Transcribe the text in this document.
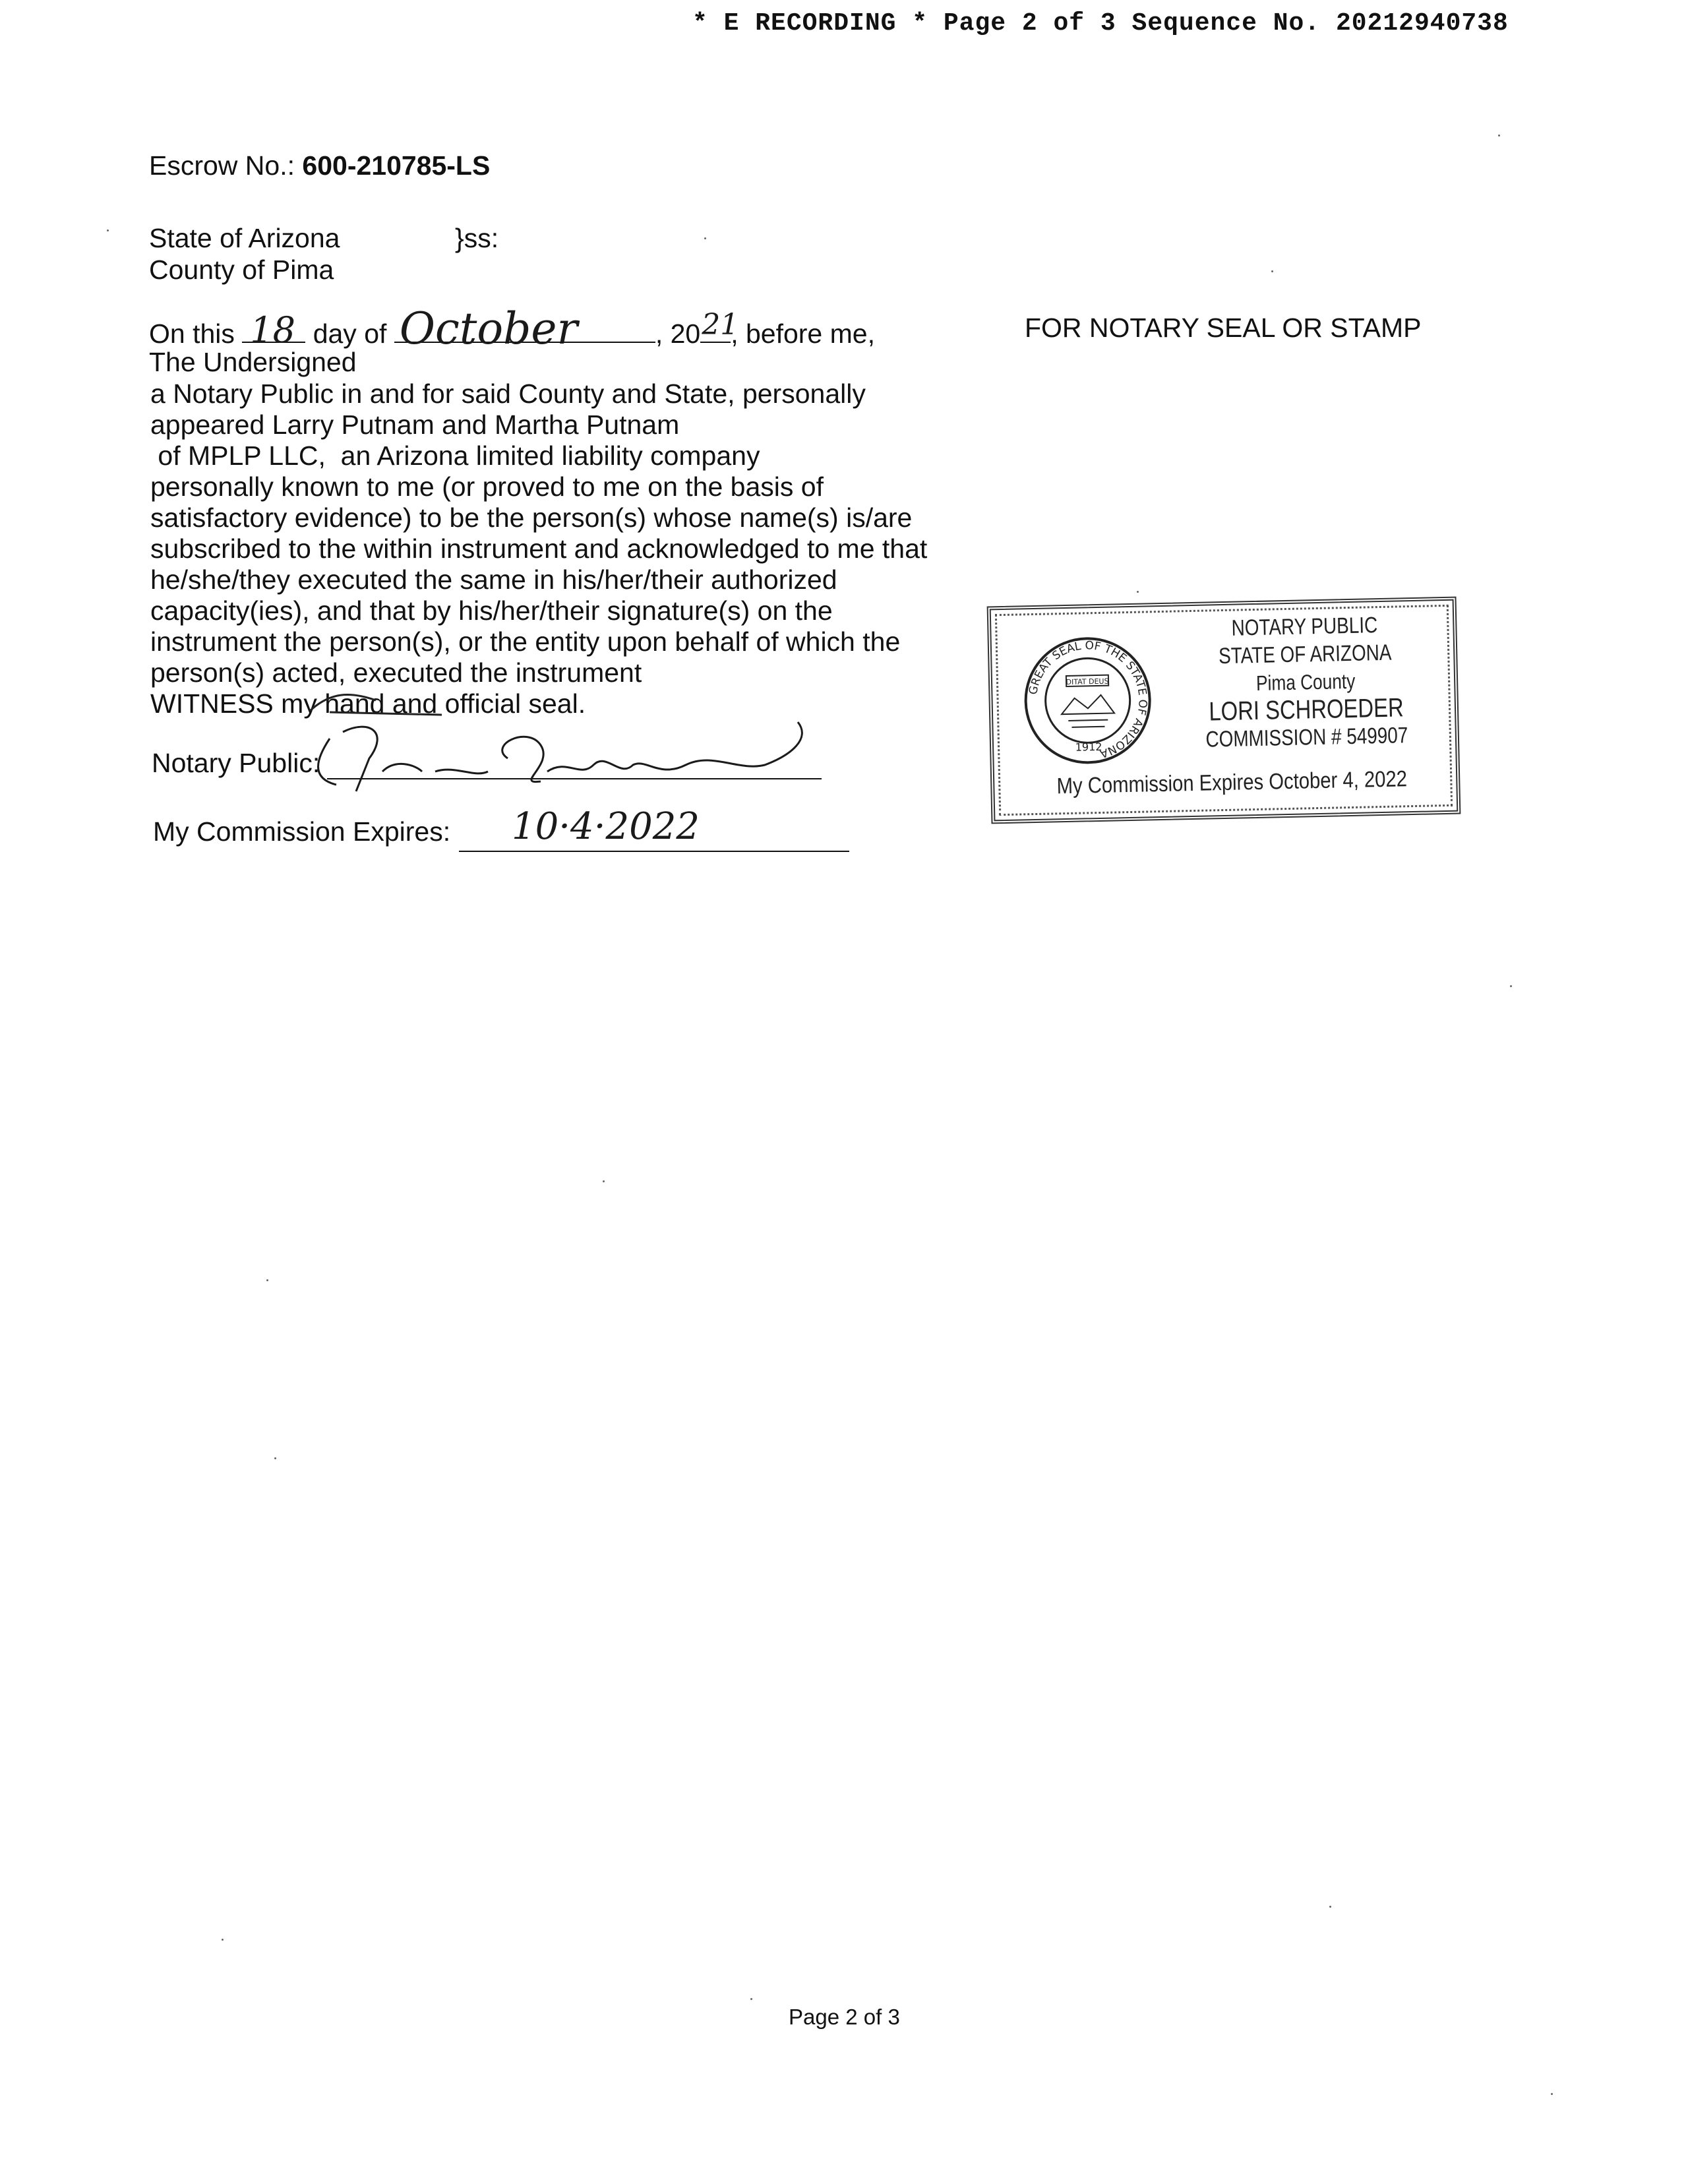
* E RECORDING * Page 2 of 3 Sequence No. 20212940738
Escrow No.: 600-210785-LS
State of Arizona	}ss:
County of Pima
On this 18 day of October	, 20 21
, before me,
The Undersigned
a Notary Public in and for said County and State, personally
appeared Larry Putnam and Martha Putnam
of MPLP LLC,  an Arizona limited liability company
personally known to me (or proved to me on the basis of
satisfactory evidence) to be the person(s) whose name(s) is/are
subscribed to the within instrument and acknowledged to me that
he/she/they executed the same in his/her/their authorized
capacity(ies), and that by his/her/their signature(s) on the
instrument the person(s), or the entity upon behalf of which the
person(s) acted, executed the instrument
WITNESS my hand and official seal.
Notary Public:
My Commission Expires: 10·4·2022
FOR NOTARY SEAL OR STAMP
GREAT SEAL OF THE STATE OF ARIZONA
DITAT DEUS
1912
NOTARY PUBLIC
STATE OF ARIZONA
Pima County
LORI SCHROEDER
COMMISSION # 549907
My Commission Expires October 4, 2022
Page 2 of 3
